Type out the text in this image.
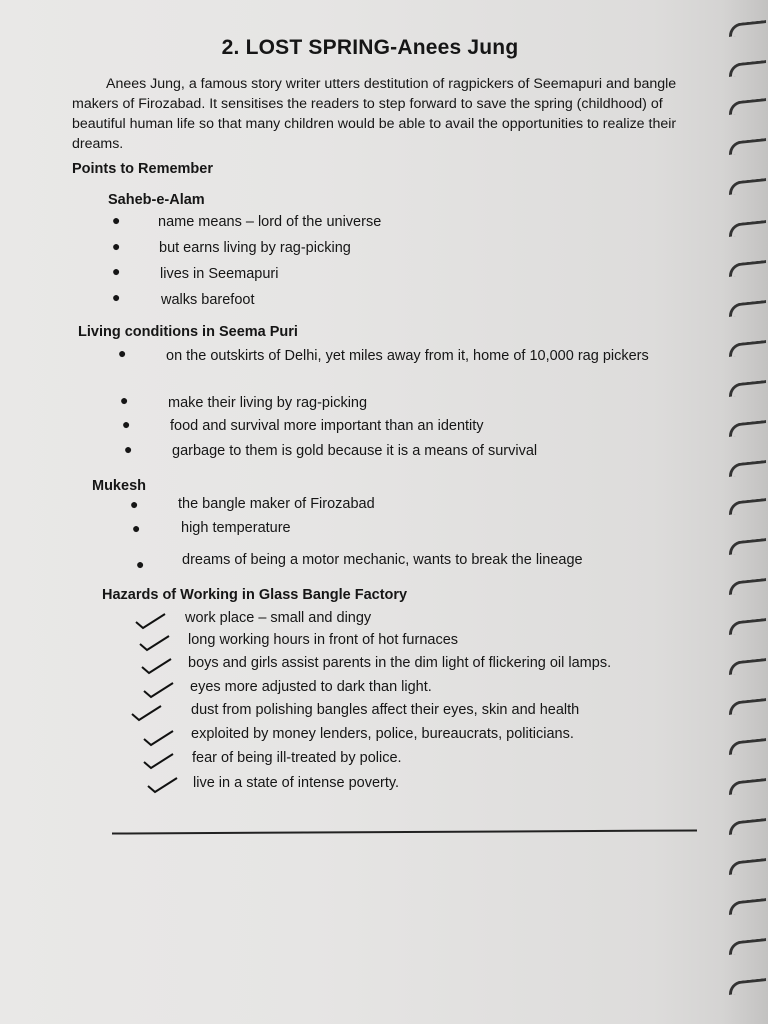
2. LOST SPRING-Anees Jung

Anees Jung, a famous story writer utters destitution of ragpickers of Seemapuri and bangle makers of Firozabad. It sensitises the readers to step forward to save the spring (childhood) of beautiful human life so that many children would be able to avail the opportunities to realize their dreams.

Points to Remember
Saheb-e-Alam
●	name means – lord of the universe
●	but earns living by rag-picking
●	lives in Seemapuri
●	walks barefoot
Living conditions in Seema Puri
●	on the outskirts of Delhi, yet miles away from it, home of 10,000 rag pickers
●	make their living by rag-picking
●	food and survival more important than an identity
●	garbage to them is gold because it is a means of survival
Mukesh
●	the bangle maker of Firozabad
●	high temperature
●	dreams of being a motor mechanic, wants to break the lineage
Hazards of Working in Glass Bangle Factory
work place – small and dingy
long working hours in front of hot furnaces
boys and girls assist parents in the dim light of flickering oil lamps.
eyes more adjusted to dark than light.
dust from polishing bangles affect their eyes, skin and health
exploited by money lenders, police, bureaucrats, politicians.
fear of being ill-treated by police.
live in a state of intense poverty.
